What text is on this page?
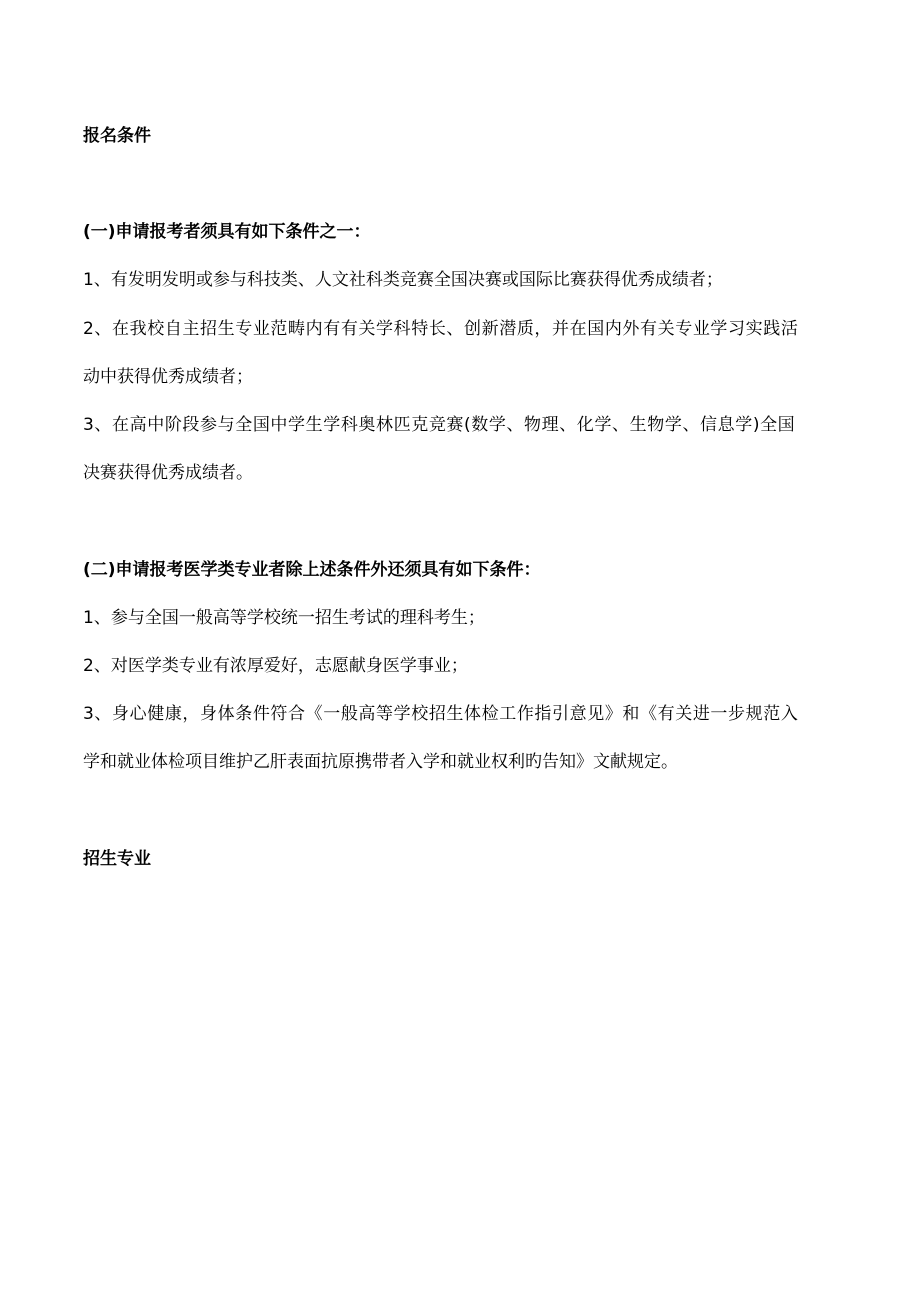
报名条件
(一)申请报考者须具有如下条件之一：
1、有发明发明或参与科技类、人文社科类竞赛全国决赛或国际比赛获得优秀成绩者；
2、在我校自主招生专业范畴内有有关学科特长、创新潜质，并在国内外有关专业学习实践活
动中获得优秀成绩者；
3、在高中阶段参与全国中学生学科奥林匹克竞赛(数学、物理、化学、生物学、信息学)全国
决赛获得优秀成绩者。
(二)申请报考医学类专业者除上述条件外还须具有如下条件：
1、参与全国一般高等学校统一招生考试的理科考生；
2、对医学类专业有浓厚爱好，志愿献身医学事业；
3、身心健康，身体条件符合《一般高等学校招生体检工作指引意见》和《有关进一步规范入
学和就业体检项目维护乙肝表面抗原携带者入学和就业权利旳告知》文献规定。
招生专业
